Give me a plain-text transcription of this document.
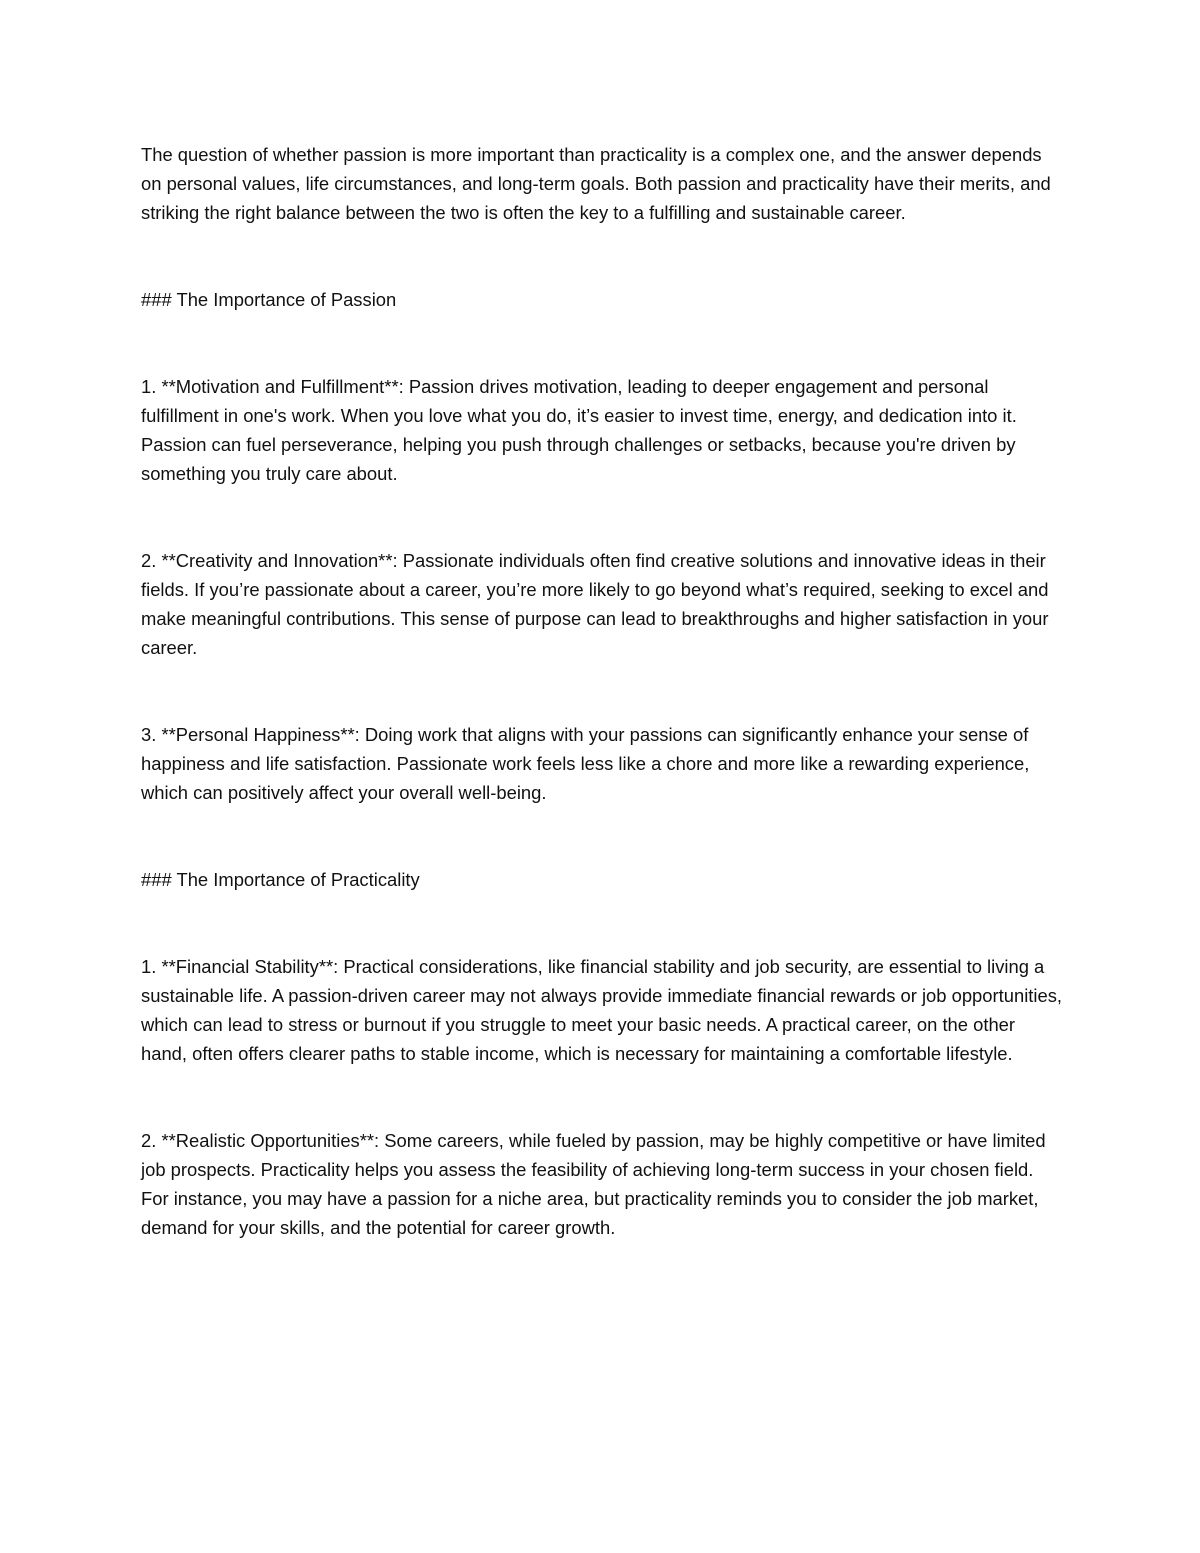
The question of whether passion is more important than practicality is a complex one, and the answer depends on personal values, life circumstances, and long-term goals. Both passion and practicality have their merits, and striking the right balance between the two is often the key to a fulfilling and sustainable career.

### The Importance of Passion

1. **Motivation and Fulfillment**: Passion drives motivation, leading to deeper engagement and personal fulfillment in one's work. When you love what you do, it’s easier to invest time, energy, and dedication into it. Passion can fuel perseverance, helping you push through challenges or setbacks, because you're driven by something you truly care about.

2. **Creativity and Innovation**: Passionate individuals often find creative solutions and innovative ideas in their fields. If you’re passionate about a career, you’re more likely to go beyond what’s required, seeking to excel and make meaningful contributions. This sense of purpose can lead to breakthroughs and higher satisfaction in your career.

3. **Personal Happiness**: Doing work that aligns with your passions can significantly enhance your sense of happiness and life satisfaction. Passionate work feels less like a chore and more like a rewarding experience, which can positively affect your overall well-being.

### The Importance of Practicality

1. **Financial Stability**: Practical considerations, like financial stability and job security, are essential to living a sustainable life. A passion-driven career may not always provide immediate financial rewards or job opportunities, which can lead to stress or burnout if you struggle to meet your basic needs. A practical career, on the other hand, often offers clearer paths to stable income, which is necessary for maintaining a comfortable lifestyle.

2. **Realistic Opportunities**: Some careers, while fueled by passion, may be highly competitive or have limited job prospects. Practicality helps you assess the feasibility of achieving long-term success in your chosen field. For instance, you may have a passion for a niche area, but practicality reminds you to consider the job market, demand for your skills, and the potential for career growth.
